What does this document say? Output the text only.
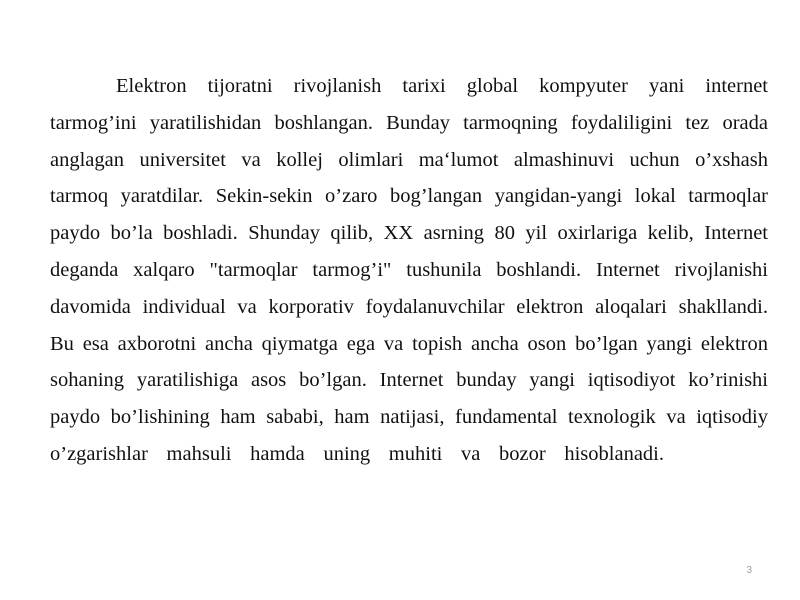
Elektron tijoratni rivojlanish tarixi global kompyuter yani internet
tarmog’ini yaratilishidan boshlangan. Bunday tarmoqning foydaliligini tez orada
anglagan universitet va kollej olimlari ma‘lumot almashinuvi uchun o’xshash
tarmoq yaratdilar. Sekin-sekin o’zaro bog’langan yangidan-yangi lokal tarmoqlar
paydo bo’la boshladi. Shunday qilib, XX asrning 80 yil oxirlariga kelib, Internet
deganda xalqaro "tarmoqlar tarmog’i" tushunila boshlandi. Internet rivojlanishi
davomida individual va korporativ foydalanuvchilar elektron aloqalari shakllandi.
Bu esa axborotni ancha qiymatga ega va topish ancha oson bo’lgan yangi elektron
sohaning yaratilishiga asos bo’lgan. Internet bunday yangi iqtisodiyot ko’rinishi
paydo bo’lishining ham sababi, ham natijasi, fundamental texnologik va iqtisodiy
o’zgarishlar mahsuli hamda uning muhiti va bozor hisoblanadi.

3
